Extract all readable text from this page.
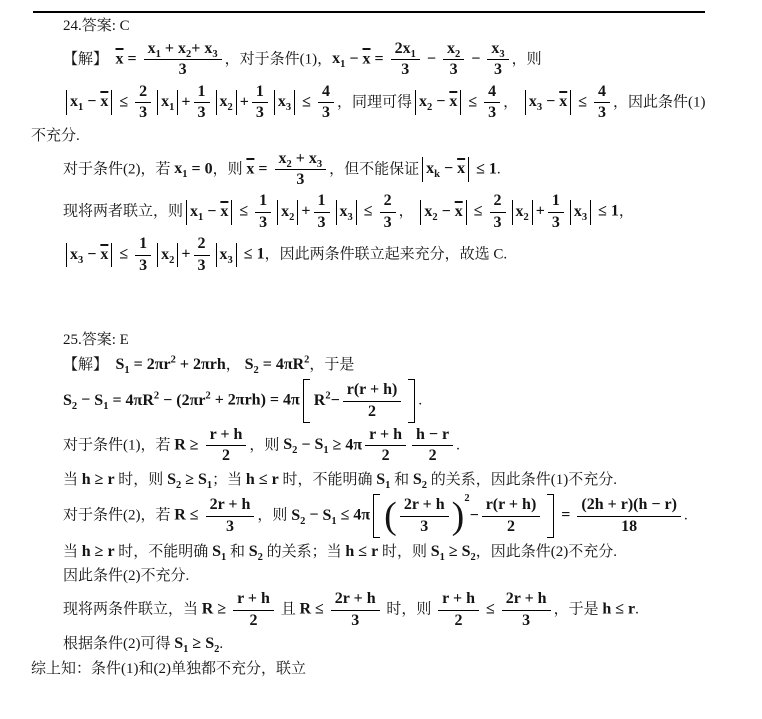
24.答案: C
【解】　$\overline{x} = \frac{x_1 + x_2+ x_3}{3}$ ，对于条件(1)，$x_1 - \overline{x} = \frac{2x_1}{3} - \frac{x_2}{3} - \frac{x_3}{3}$ ，则
$x_1 - \overline{x} \le \frac{2}{3} x_1 + \frac{1}{3} x_2 + \frac{1}{3} x_3 \le \frac{4}{3}$ ，同理可得 $x_2 - \overline{x} \le \frac{4}{3}$ ， $x_3 - \overline{x} \le \frac{4}{3}$ ，因此条件(1)
不充分.
对于条件(2)，若 $x_1 = 0$，则 $\overline{x} = \frac{x_2 + x_3}{3}$ ，但不能保证 $x_k - \overline{x} \le 1$.
现将两者联立，则 $x_1 - \overline{x} \le \frac{1}{3} x_2 + \frac{1}{3} x_3 \le \frac{2}{3}$ ， $x_2 - \overline{x} \le \frac{2}{3} x_2 + \frac{1}{3} x_3 \le 1$，
$x_3 - \overline{x} \le \frac{1}{3} x_2 + \frac{2}{3} x_3 \le 1$，因此两条件联立起来充分，故选 C.
25.答案: E
【解】　$S_1 = 2\pi r^2 + 2\pi rh$， $S_2 = 4\pi R^2$，于是
$S_2 - S_1 = 4\pi R^2 - (2\pi r^2 + 2\pi rh) = 4\pi$ $R^2 - \frac{r(r + h)}{2}$ .
对于条件(1)，若 $R \ge \frac{r + h}{2}$ ，则 $S_2 - S_1 \ge 4\pi \frac{r + h}{2} \frac{h - r}{2}$ .
当 h ≥ r 时，则 $S_2 \ge S_1$；当 h ≤ r 时，不能明确 $S_1$ 和 $S_2$ 的关系，因此条件(1)不充分.
对于条件(2)，若 $R \le \frac{2r + h}{3}$ ，则 $S_2 - S_1 \le 4\pi$ ( $\frac{2r + h}{3} )^2$
− $\frac{r(r + h)}{2} = \frac{(2h + r)(h - r)}{18}$ .
当 h ≥ r 时，不能明确 $S_1$ 和 $S_2$ 的关系；当 h ≤ r 时，则 $S_1 \ge S_2$，因此条件(2)不充分.
因此条件(2)不充分.
现将两条件联立，当 $R \ge \frac{r + h}{2}$ 且 $R \le \frac{2r + h}{3}$ 时，则 $\frac{r + h}{2} \le \frac{2r + h}{3}$ ，于是 h ≤ r.
根据条件(2)可得 $S_1 \ge S_2$.
综上知：条件(1)和(2)单独都不充分，联立
